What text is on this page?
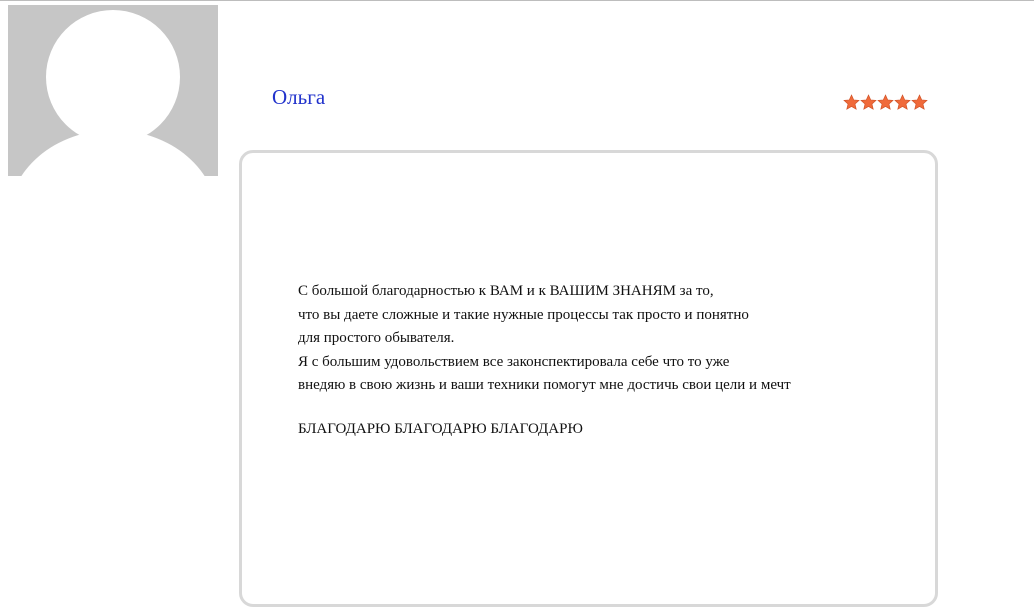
Ольга
С большой благодарностью к ВАМ и к ВАШИМ ЗНАНЯМ за то,
что вы даете сложные и такие нужные процессы так просто и понятно
для простого обывателя.
Я с большим удовольствием все законспектировала себе что то уже
внедяю в свою жизнь и ваши техники помогут мне достичь свои цели и мечт
БЛАГОДАРЮ БЛАГОДАРЮ БЛАГОДАРЮ
